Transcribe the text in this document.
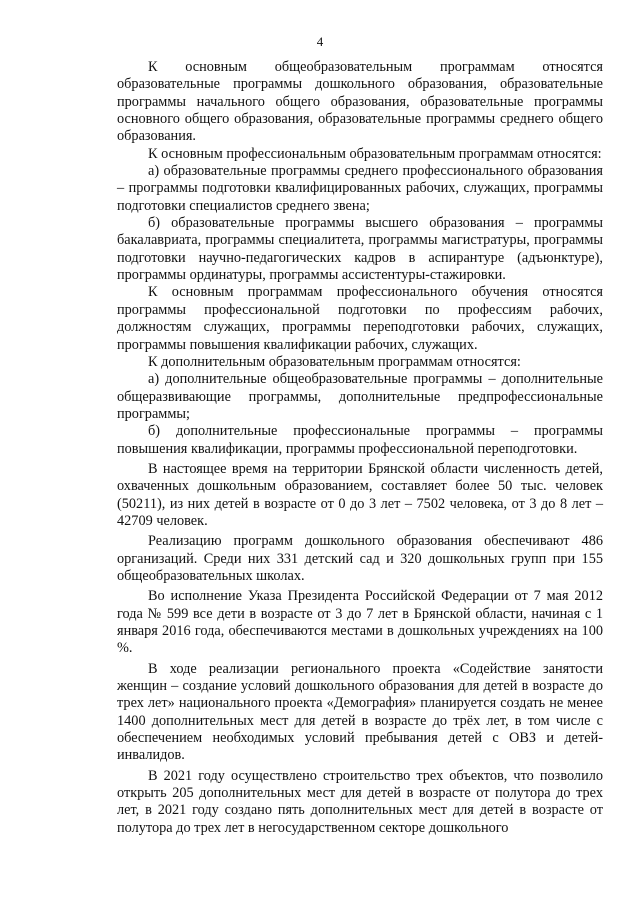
4

К основным общеобразовательным программам относятся образовательные программы дошкольного образования, образовательные программы начального общего образования, образовательные программы основного общего образования, образовательные программы среднего общего образования.

К основным профессиональным образовательным программам относятся:

а) образовательные программы среднего профессионального образования – программы подготовки квалифицированных рабочих, служащих, программы подготовки специалистов среднего звена;

б) образовательные программы высшего образования – программы бакалавриата, программы специалитета, программы магистратуры, программы подготовки научно-педагогических кадров в аспирантуре (адъюнктуре), программы ординатуры, программы ассистентуры-стажировки.

К основным программам профессионального обучения относятся программы профессиональной подготовки по профессиям рабочих, должностям служащих, программы переподготовки рабочих, служащих, программы повышения квалификации рабочих, служащих.

К дополнительным образовательным программам относятся:

а) дополнительные общеобразовательные программы – дополнительные общеразвивающие программы, дополнительные предпрофессиональные программы;

б) дополнительные профессиональные программы – программы повышения квалификации, программы профессиональной переподготовки.

В настоящее время на территории Брянской области численность детей, охваченных дошкольным образованием, составляет более 50 тыс. человек (50211), из них детей в возрасте от 0 до 3 лет – 7502 человека, от 3 до 8 лет – 42709 человек.

Реализацию программ дошкольного образования обеспечивают 486 организаций. Среди них 331 детский сад и 320 дошкольных групп при 155 общеобразовательных школах.

Во исполнение Указа Президента Российской Федерации от 7 мая 2012 года № 599 все дети в возрасте от 3 до 7 лет в Брянской области, начиная с 1 января 2016 года, обеспечиваются местами в дошкольных учреждениях на 100 %.

В ходе реализации регионального проекта «Содействие занятости женщин – создание условий дошкольного образования для детей в возрасте до трех лет» национального проекта «Демография» планируется создать не менее 1400 дополнительных мест для детей в возрасте до трёх лет, в том числе с обеспечением необходимых условий пребывания детей с ОВЗ и детей-инвалидов.

В 2021 году осуществлено строительство трех объектов, что позволило открыть 205 дополнительных мест для детей в возрасте от полутора до трех лет, в 2021 году создано пять дополнительных мест для детей в возрасте от полутора до трех лет в негосударственном секторе дошкольного
